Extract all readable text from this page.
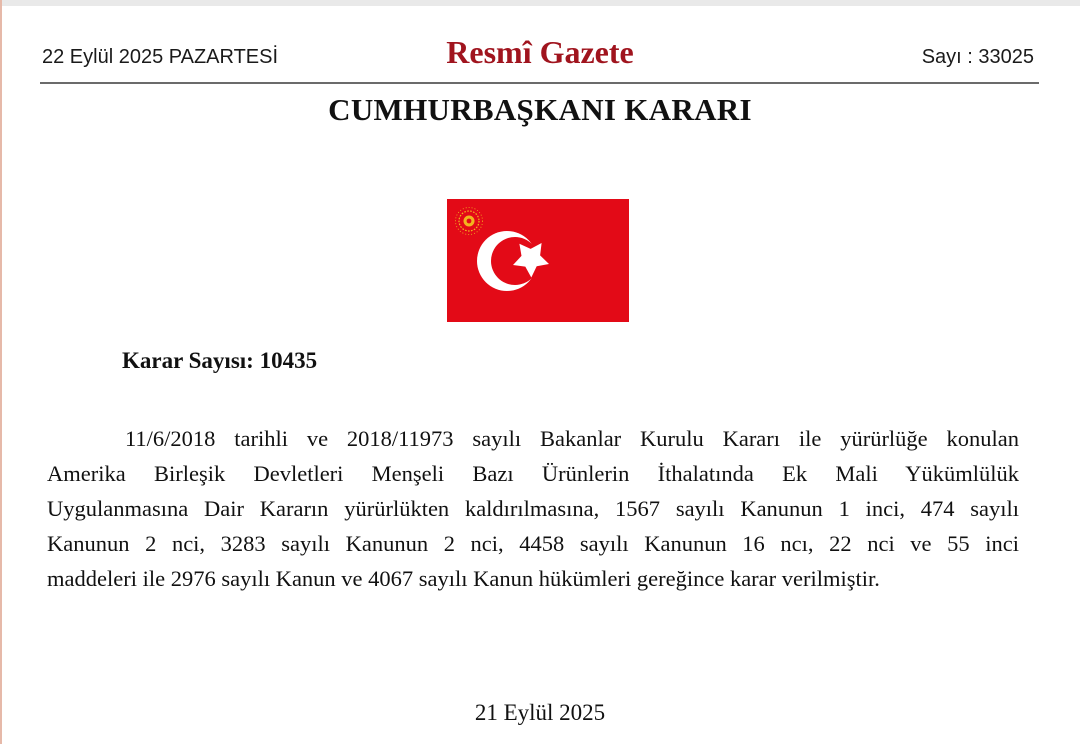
22 Eylül 2025 PAZARTESİ	Resmî Gazete	Sayı : 33025
CUMHURBAŞKANI KARARI
Karar Sayısı: 10435
11/6/2018 tarihli ve 2018/11973 sayılı Bakanlar Kurulu Kararı ile yürürlüğe konulan
Amerika Birleşik Devletleri Menşeli Bazı Ürünlerin İthalatında Ek Mali Yükümlülük
Uygulanmasına Dair Kararın yürürlükten kaldırılmasına, 1567 sayılı Kanunun 1 inci, 474 sayılı
Kanunun 2 nci, 3283 sayılı Kanunun 2 nci, 4458 sayılı Kanunun 16 ncı, 22 nci ve 55 inci
maddeleri ile 2976 sayılı Kanun ve 4067 sayılı Kanun hükümleri gereğince karar verilmiştir.
21 Eylül 2025
